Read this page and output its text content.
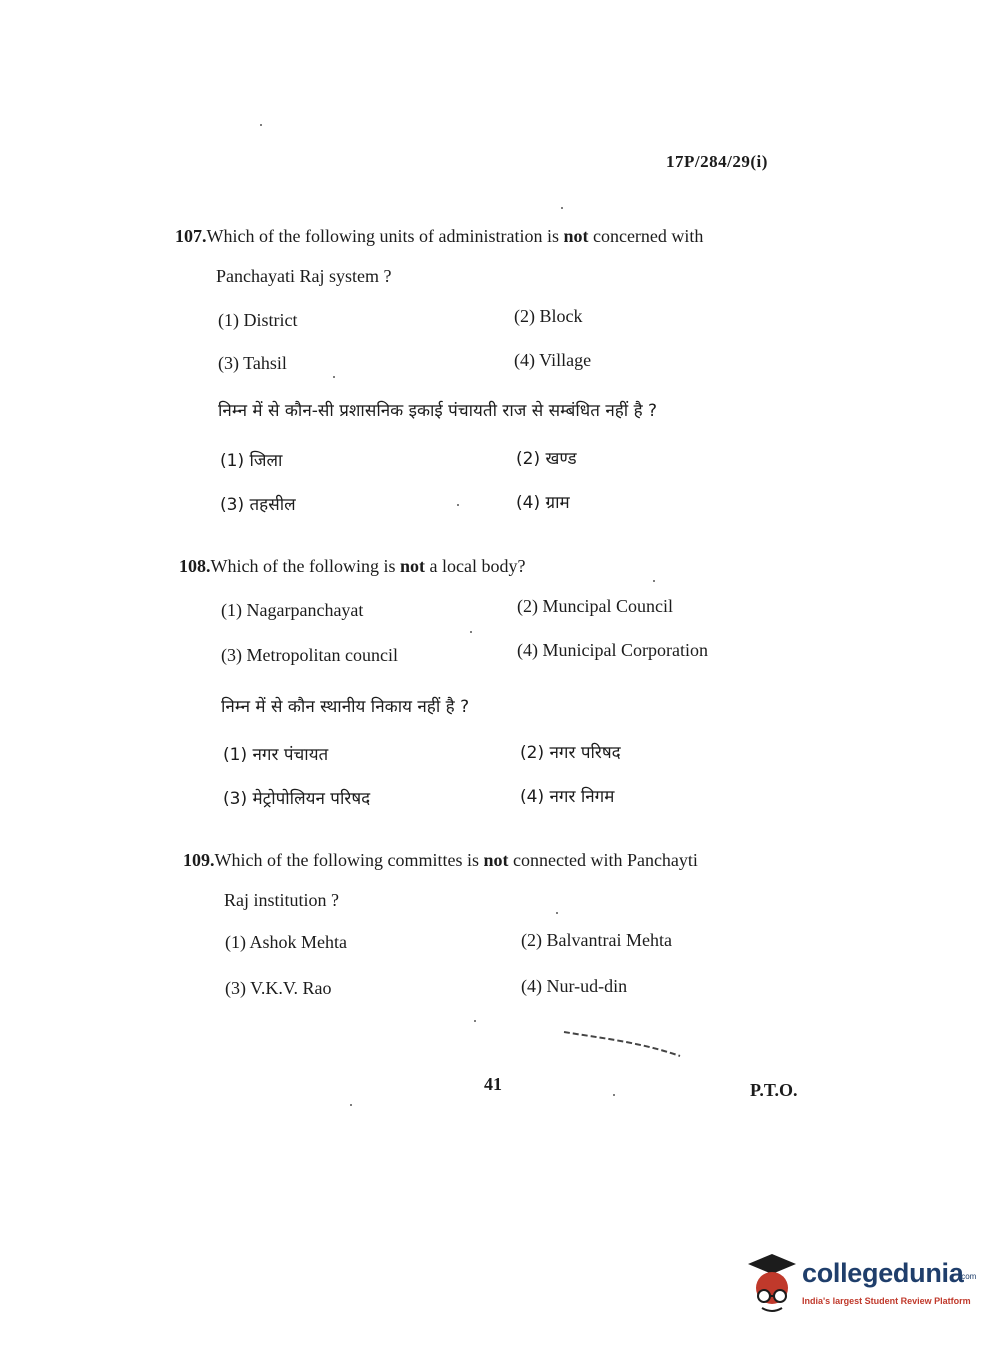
17P/284/29(i)
107.Which of the following units of administration is not concerned with
Panchayati Raj system ?
(1) District	(2) Block
(3) Tahsil	(4) Village
निम्न में से कौन-सी प्रशासनिक इकाई पंचायती राज से सम्बंधित नहीं है ?
(1) जिला	(2) खण्ड
(3) तहसील	(4) ग्राम
108.Which of the following is not a local body?
(1) Nagarpanchayat	(2) Muncipal Council
(3) Metropolitan council	(4) Municipal Corporation
निम्न में से कौन स्थानीय निकाय नहीं है ?
(1) नगर पंचायत	(2) नगर परिषद
(3) मेट्रोपोलियन परिषद	(4) नगर निगम
109.Which of the following committes is not connected with Panchayti
Raj institution ?
(1) Ashok Mehta	(2) Balvantrai Mehta
(3) V.K.V. Rao	(4) Nur-ud-din
41	P.T.O.
collegedunia
.com
India's largest Student Review Platform
